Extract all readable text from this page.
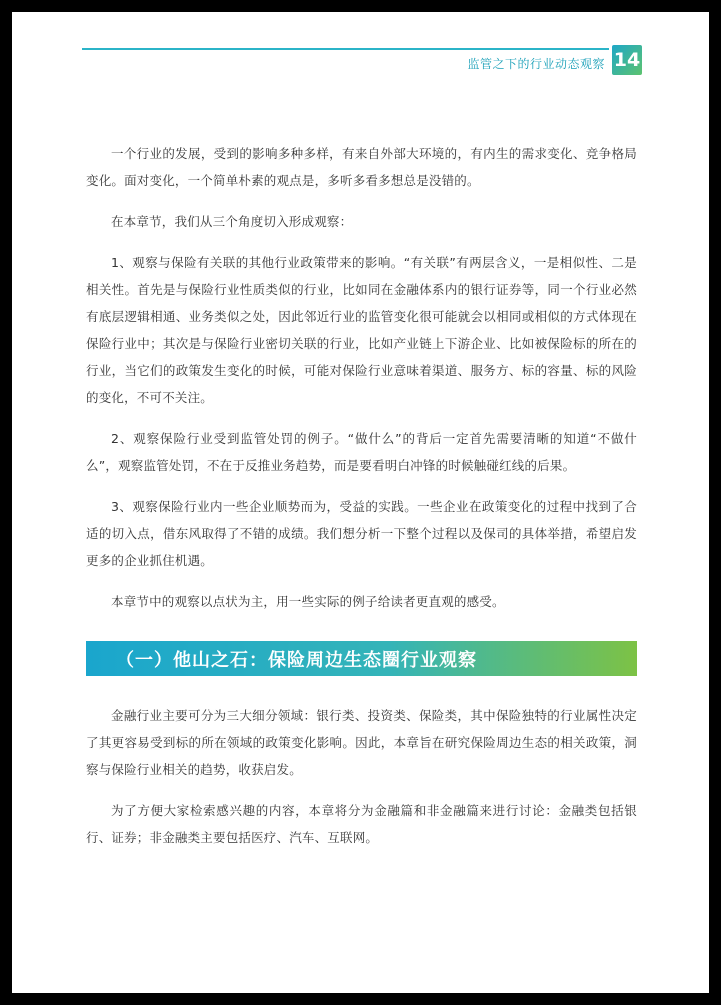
监管之下的行业动态观察 14

一个行业的发展，受到的影响多种多样，有来自外部大环境的，有内生的需求变化、竞争格局变化。面对变化，一个简单朴素的观点是，多听多看多想总是没错的。

在本章节，我们从三个角度切入形成观察：

1、观察与保险有关联的其他行业政策带来的影响。“有关联”有两层含义，一是相似性、二是相关性。首先是与保险行业性质类似的行业，比如同在金融体系内的银行证券等，同一个行业必然有底层逻辑相通、业务类似之处，因此邻近行业的监管变化很可能就会以相同或相似的方式体现在保险行业中；其次是与保险行业密切关联的行业，比如产业链上下游企业、比如被保险标的所在的行业，当它们的政策发生变化的时候，可能对保险行业意味着渠道、服务方、标的容量、标的风险的变化，不可不关注。

2、观察保险行业受到监管处罚的例子。“做什么”的背后一定首先需要清晰的知道“不做什么”，观察监管处罚，不在于反推业务趋势，而是要看明白冲锋的时候触碰红线的后果。

3、观察保险行业内一些企业顺势而为，受益的实践。一些企业在政策变化的过程中找到了合适的切入点，借东风取得了不错的成绩。我们想分析一下整个过程以及保司的具体举措，希望启发更多的企业抓住机遇。

本章节中的观察以点状为主，用一些实际的例子给读者更直观的感受。

（一）他山之石：保险周边生态圈行业观察

金融行业主要可分为三大细分领域：银行类、投资类、保险类，其中保险独特的行业属性决定了其更容易受到标的所在领域的政策变化影响。因此，本章旨在研究保险周边生态的相关政策，洞察与保险行业相关的趋势，收获启发。

为了方便大家检索感兴趣的内容，本章将分为金融篇和非金融篇来进行讨论：金融类包括银行、证券；非金融类主要包括医疗、汽车、互联网。
